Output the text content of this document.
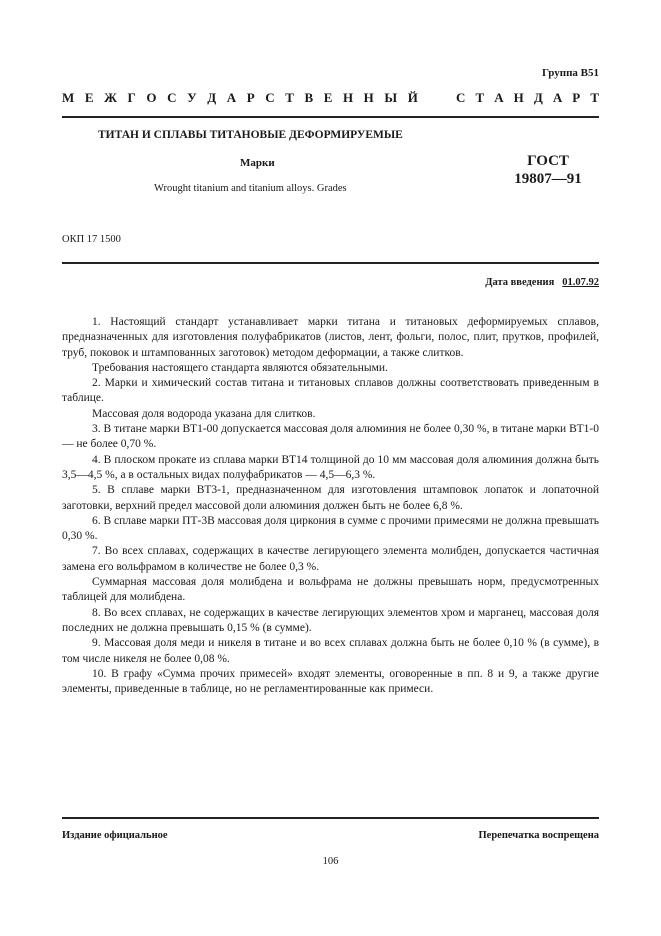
Группа В51
М Е Ж Г О С У Д А Р С Т В Е Н Н Ы Й	С Т А Н Д А Р Т
ТИТАН И СПЛАВЫ ТИТАНОВЫЕ ДЕФОРМИРУЕМЫЕ
Марки
Wrought titanium and titanium alloys. Grades
ГОСТ
19807—91
ОКП 17 1500
Дата введения 01.07.92

1. Настоящий стандарт устанавливает марки титана и титановых деформируемых сплавов, предназначенных для изготовления полуфабрикатов (листов, лент, фольги, полос, плит, прутков, профилей, труб, поковок и штампованных заготовок) методом деформации, а также слитков.

Требования настоящего стандарта являются обязательными.

2. Марки и химический состав титана и титановых сплавов должны соответствовать приведенным в таблице.

Массовая доля водорода указана для слитков.

3. В титане марки ВТ1-00 допускается массовая доля алюминия не более 0,30 %, в титане марки ВТ1-0 — не более 0,70 %.

4. В плоском прокате из сплава марки ВТ14 толщиной до 10 мм массовая доля алюминия должна быть 3,5—4,5 %, а в остальных видах полуфабрикатов — 4,5—6,3 %.

5. В сплаве марки ВТ3-1, предназначенном для изготовления штамповок лопаток и лопаточной заготовки, верхний предел массовой доли алюминия должен быть не более 6,8 %.

6. В сплаве марки ПТ-3В массовая доля циркония в сумме с прочими примесями не должна превышать 0,30 %.

7. Во всех сплавах, содержащих в качестве легирующего элемента молибден, допускается частичная замена его вольфрамом в количестве не более 0,3 %.

Суммарная массовая доля молибдена и вольфрама не должны превышать норм, предусмотренных таблицей для молибдена.

8. Во всех сплавах, не содержащих в качестве легирующих элементов хром и марганец, массовая доля последних не должна превышать 0,15 % (в сумме).

9. Массовая доля меди и никеля в титане и во всех сплавах должна быть не более 0,10 % (в сумме), в том числе никеля не более 0,08 %.

10. В графу «Сумма прочих примесей» входят элементы, оговоренные в пп. 8 и 9, а также другие элементы, приведенные в таблице, но не регламентированные как примеси.

Издание официальное	Перепечатка воспрещена
106
